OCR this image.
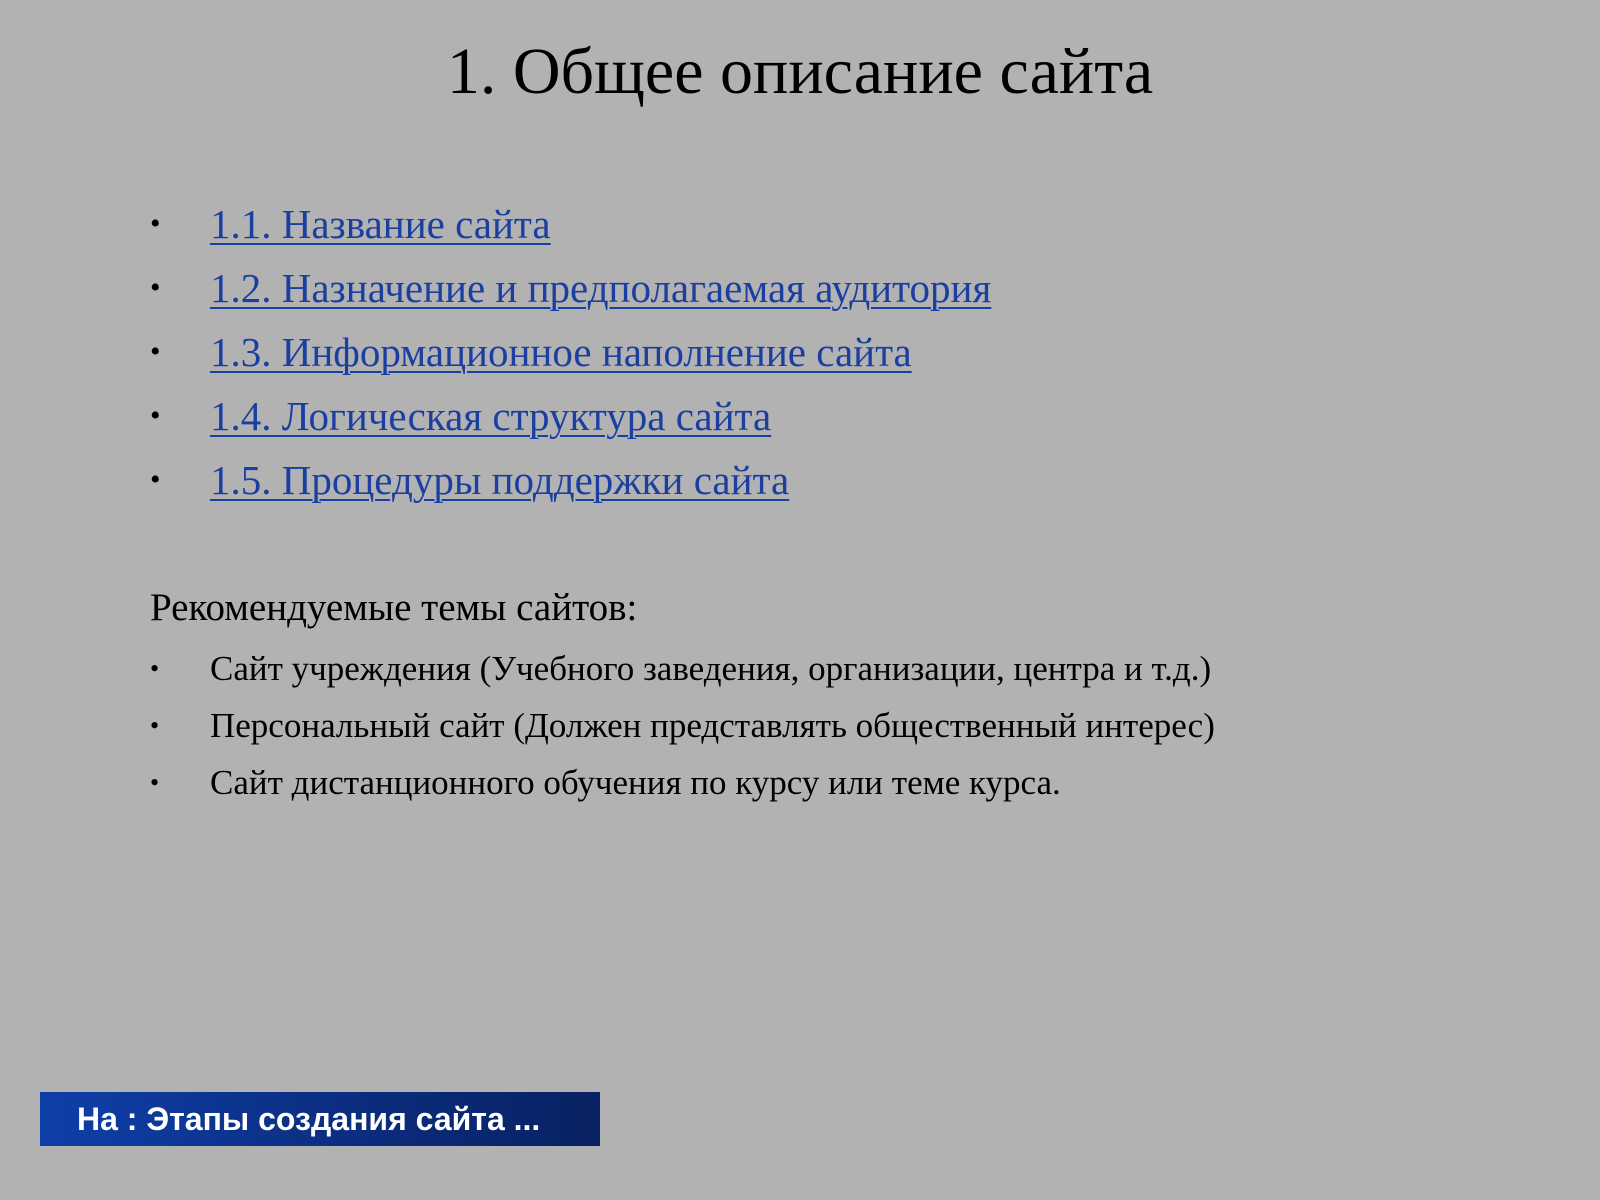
1. Общее описание сайта
• 1.1. Название сайта
• 1.2. Назначение и предполагаемая аудитория
• 1.3. Информационное наполнение сайта
• 1.4. Логическая структура сайта
• 1.5. Процедуры поддержки сайта
Рекомендуемые темы сайтов:
• Сайт учреждения (Учебного заведения, организации, центра и т.д.)
• Персональный сайт (Должен представлять общественный интерес)
• Сайт дистанционного обучения по курсу или теме курса.
На : Этапы создания сайта ...
